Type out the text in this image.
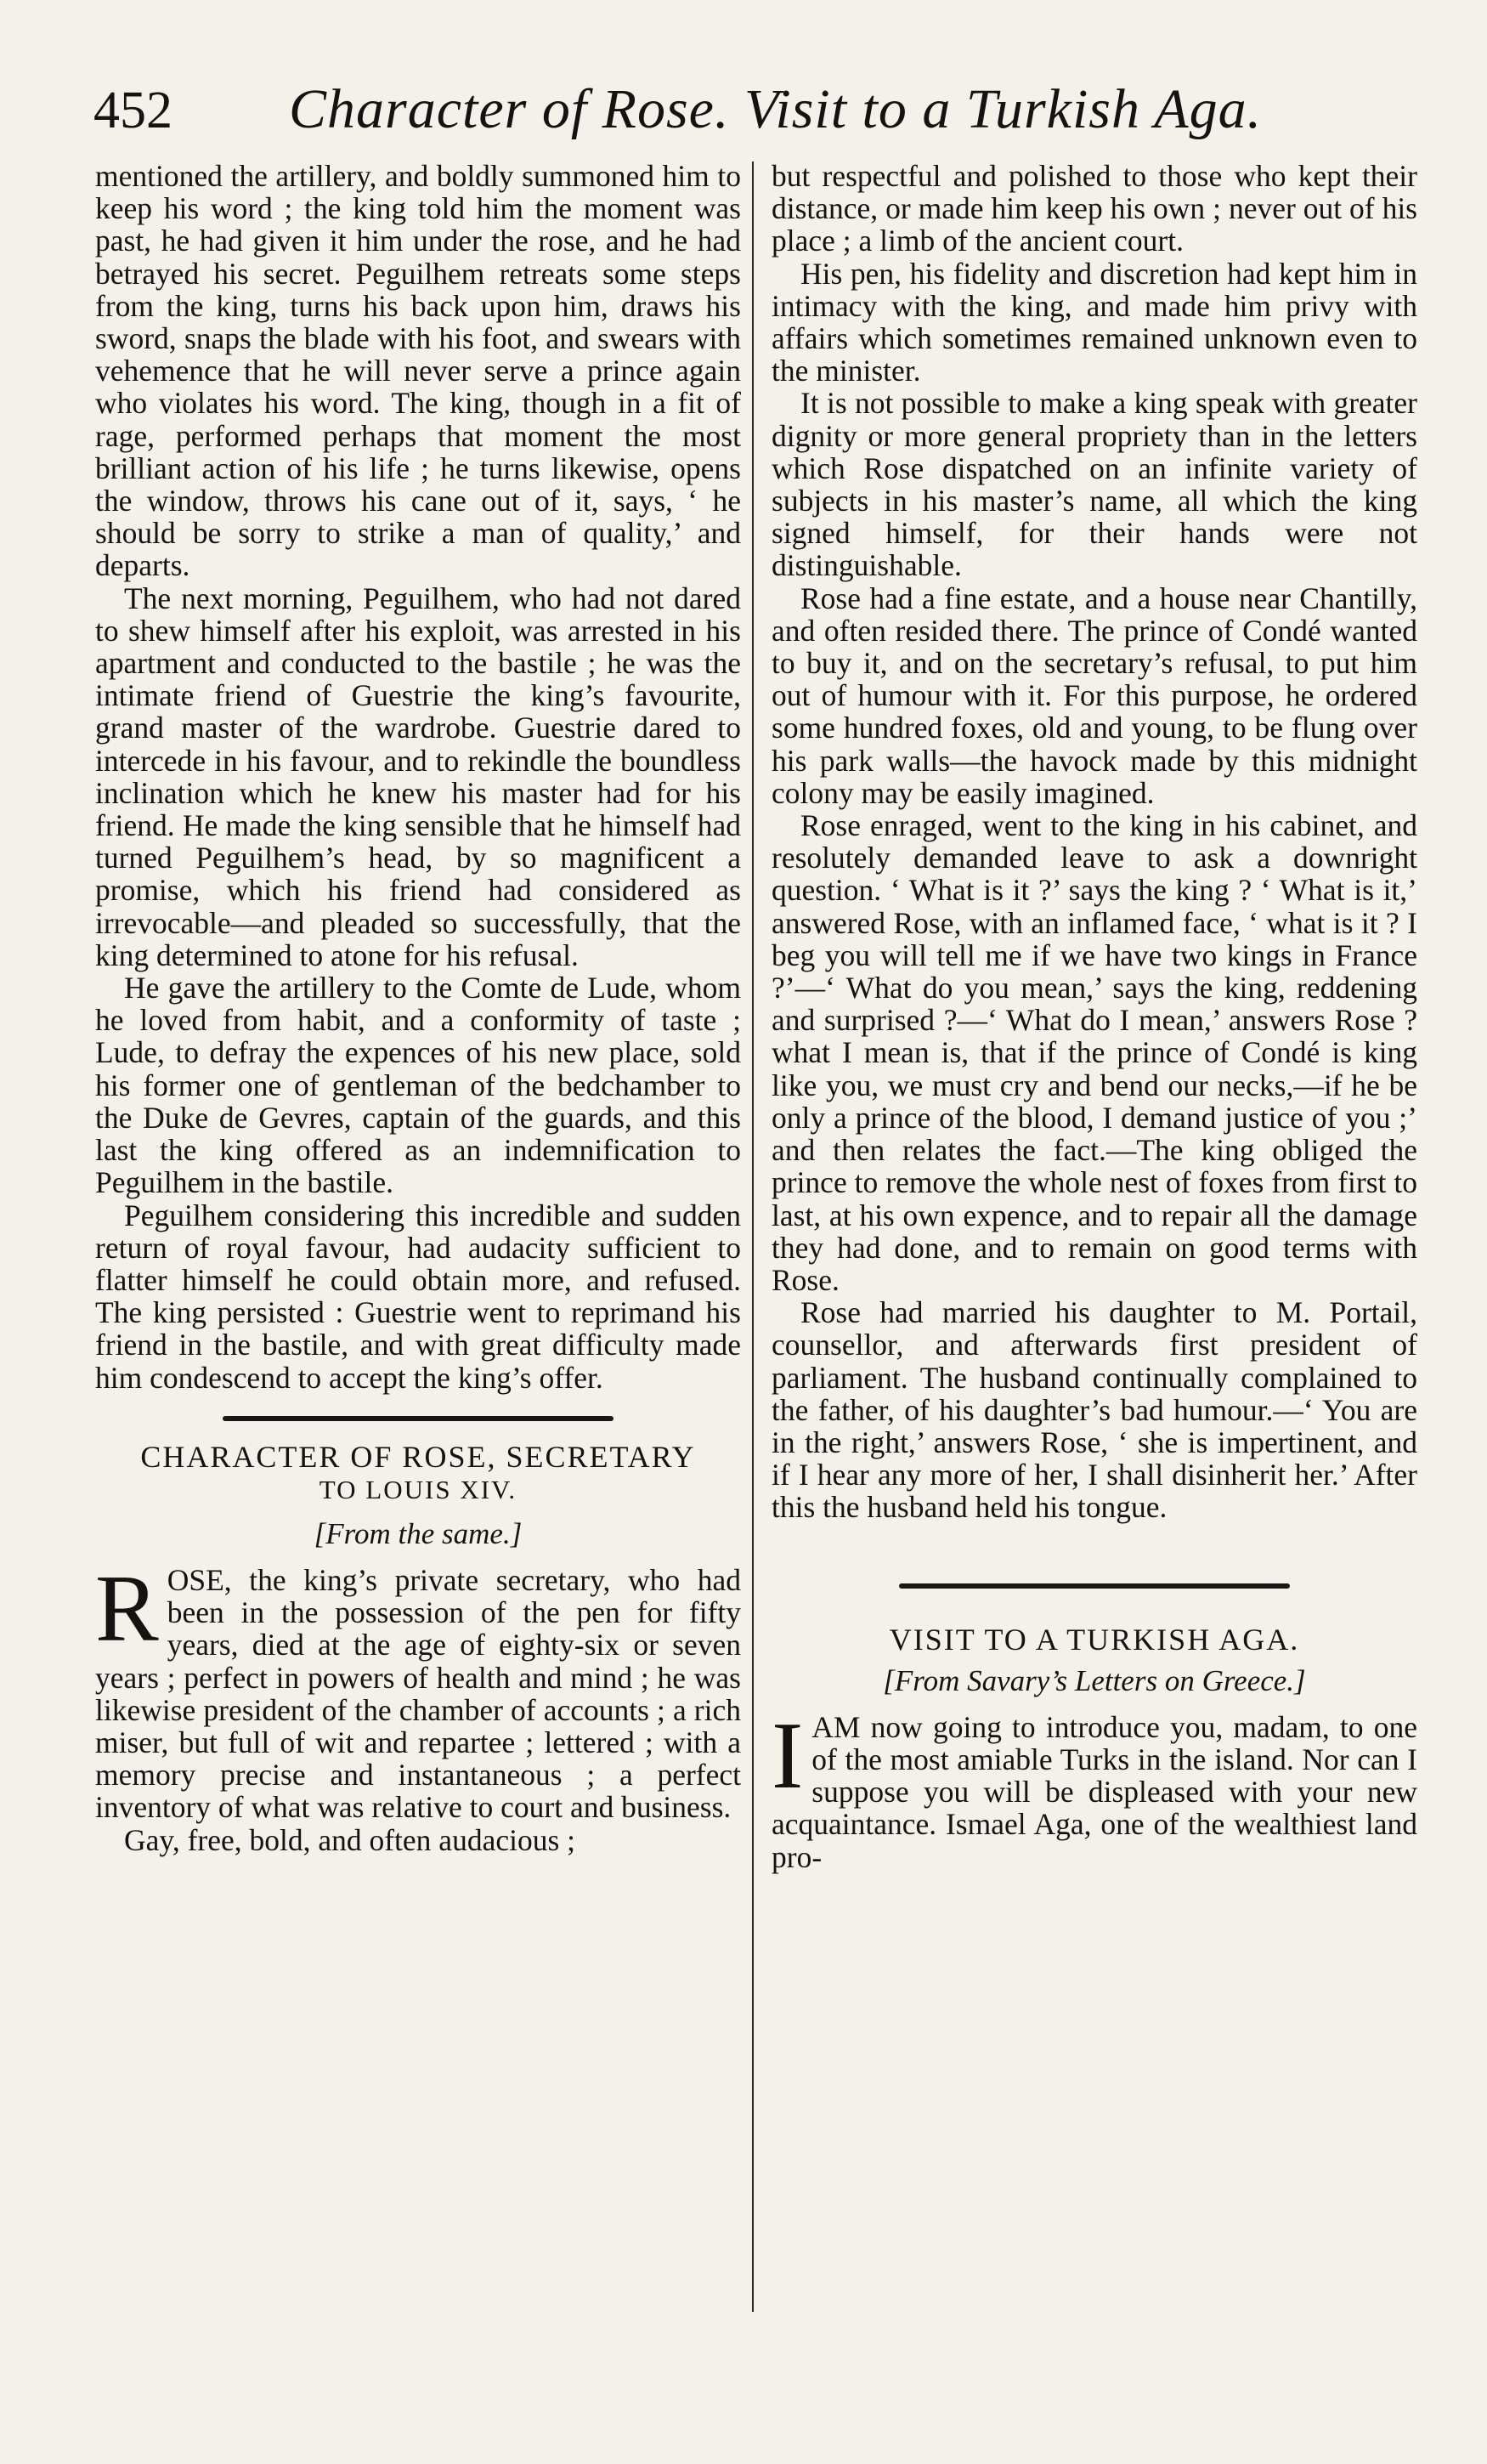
452 Character of Rose. Visit to a Turkish Aga.

mentioned the artillery, and boldly summoned him to keep his word ; the king told him the moment was past, he had given it him under the rose, and he had betrayed his secret. Peguilhem retreats some steps from the king, turns his back upon him, draws his sword, snaps the blade with his foot, and swears with vehemence that he will never serve a prince again who violates his word. The king, though in a fit of rage, performed perhaps that moment the most brilliant action of his life ; he turns likewise, opens the window, throws his cane out of it, says, ‘ he should be sorry to strike a man of quality,’ and departs.

The next morning, Peguilhem, who had not dared to shew himself after his exploit, was arrested in his apartment and conducted to the bastile ; he was the intimate friend of Guestrie the king’s favourite, grand master of the wardrobe. Guestrie dared to intercede in his favour, and to rekindle the boundless inclination which he knew his master had for his friend. He made the king sensible that he himself had turned Peguilhem’s head, by so magnificent a promise, which his friend had considered as irrevocable—and pleaded so successfully, that the king determined to atone for his refusal.

He gave the artillery to the Comte de Lude, whom he loved from habit, and a conformity of taste ; Lude, to defray the expences of his new place, sold his former one of gentleman of the bedchamber to the Duke de Gevres, captain of the guards, and this last the king offered as an indemnification to Peguilhem in the bastile.

Peguilhem considering this incredible and sudden return of royal favour, had audacity sufficient to flatter himself he could obtain more, and refused. The king persisted : Guestrie went to reprimand his friend in the bastile, and with great difficulty made him condescend to accept the king’s offer.

CHARACTER OF ROSE, SECRETARY

TO LOUIS XIV.

[From the same.]

ROSE, the king’s private secretary, who had been in the possession of the pen for fifty years, died at the age of eighty-six or seven years ; perfect in powers of health and mind ; he was likewise president of the chamber of accounts ; a rich miser, but full of wit and repartee ; lettered ; with a memory precise and instantaneous ; a perfect inventory of what was relative to court and business.

Gay, free, bold, and often audacious ;

but respectful and polished to those who kept their distance, or made him keep his own ; never out of his place ; a limb of the ancient court.

His pen, his fidelity and discretion had kept him in intimacy with the king, and made him privy with affairs which sometimes remained unknown even to the minister.

It is not possible to make a king speak with greater dignity or more general propriety than in the letters which Rose dispatched on an infinite variety of subjects in his master’s name, all which the king signed himself, for their hands were not distinguishable.

Rose had a fine estate, and a house near Chantilly, and often resided there. The prince of Condé wanted to buy it, and on the secretary’s refusal, to put him out of humour with it. For this purpose, he ordered some hundred foxes, old and young, to be flung over his park walls—the havock made by this midnight colony may be easily imagined.

Rose enraged, went to the king in his cabinet, and resolutely demanded leave to ask a downright question. ‘ What is it ?’ says the king ? ‘ What is it,’ answered Rose, with an inflamed face, ‘ what is it ? I beg you will tell me if we have two kings in France ?’—‘ What do you mean,’ says the king, reddening and surprised ?—‘ What do I mean,’ answers Rose ? what I mean is, that if the prince of Condé is king like you, we must cry and bend our necks,—if he be only a prince of the blood, I demand justice of you ;’ and then relates the fact.—The king obliged the prince to remove the whole nest of foxes from first to last, at his own expence, and to repair all the damage they had done, and to remain on good terms with Rose.

Rose had married his daughter to M. Portail, counsellor, and afterwards first president of parliament. The husband continually complained to the father, of his daughter’s bad humour.—‘ You are in the right,’ answers Rose, ‘ she is impertinent, and if I hear any more of her, I shall disinherit her.’ After this the husband held his tongue.

VISIT TO A TURKISH AGA.

[From Savary’s Letters on Greece.]

IAM now going to introduce you, madam, to one of the most amiable Turks in the island. Nor can I suppose you will be displeased with your new acquaintance. Ismael Aga, one of the wealthiest land pro-
